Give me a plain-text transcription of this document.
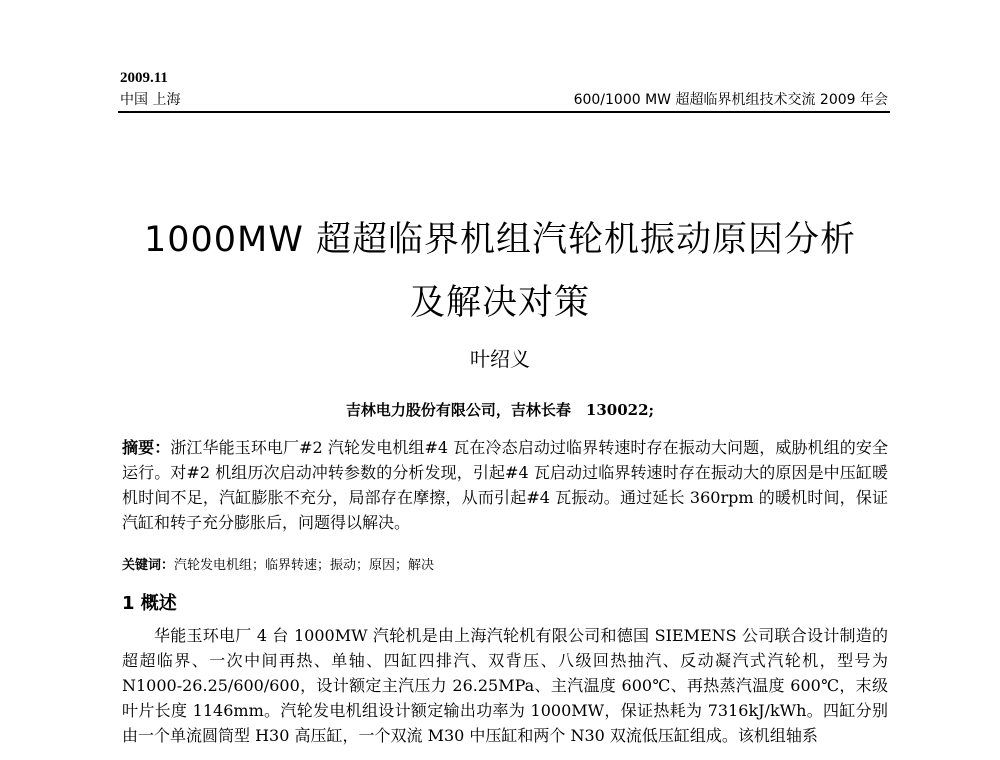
2009.11
中国 上海	600/1000 MW 超超临界机组技术交流 2009 年会
1000MW 超超临界机组汽轮机振动原因分析
及解决对策
叶绍义
吉林电力股份有限公司，吉林长春　130022;
摘要：浙江华能玉环电厂#2 汽轮发电机组#4 瓦在冷态启动过临界转速时存在振动大问题，威胁机组的安全运行。对#2 机组历次启动冲转参数的分析发现，引起#4 瓦启动过临界转速时存在振动大的原因是中压缸暖机时间不足，汽缸膨胀不充分，局部存在摩擦，从而引起#4 瓦振动。通过延长 360rpm 的暖机时间，保证汽缸和转子充分膨胀后，问题得以解决。
关键词：汽轮发电机组；临界转速；振动；原因；解决
1 概述
华能玉环电厂 4 台 1000MW 汽轮机是由上海汽轮机有限公司和德国 SIEMENS 公司联合设计制造的超超临界、一次中间再热、单轴、四缸四排汽、双背压、八级回热抽汽、反动凝汽式汽轮机，型号为 N1000-26.25/600/600，设计额定主汽压力 26.25MPa、主汽温度 600℃、再热蒸汽温度 600℃，末级叶片长度 1146mm。汽轮发电机组设计额定输出功率为 1000MW，保证热耗为 7316kJ/kWh。四缸分别由一个单流圆筒型 H30 高压缸，一个双流 M30 中压缸和两个 N30 双流低压缸组成。该机组轴系
